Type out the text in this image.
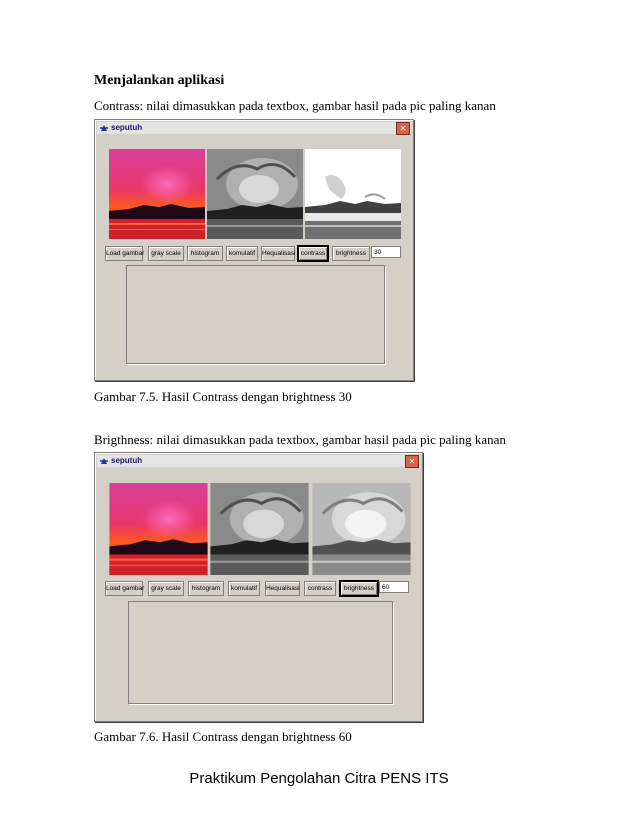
Menjalankan aplikasi
Contrass: nilai dimasukkan pada textbox, gambar hasil pada pic paling kanan
seputuh	✕
Load gambar	gray scale	histogram	komulatif	Hequalisasi contrass	brightness	30
Gambar 7.5. Hasil Contrass dengan brightness 30
Brigthness: nilai dimasukkan pada textbox, gambar hasil pada pic paling kanan
seputuh	✕
Load gambar	gray scale	histogram	komulatif	Hequalisasi	contrass	brightness	60
Gambar 7.6. Hasil Contrass dengan brightness 60
Praktikum Pengolahan Citra PENS ITS
